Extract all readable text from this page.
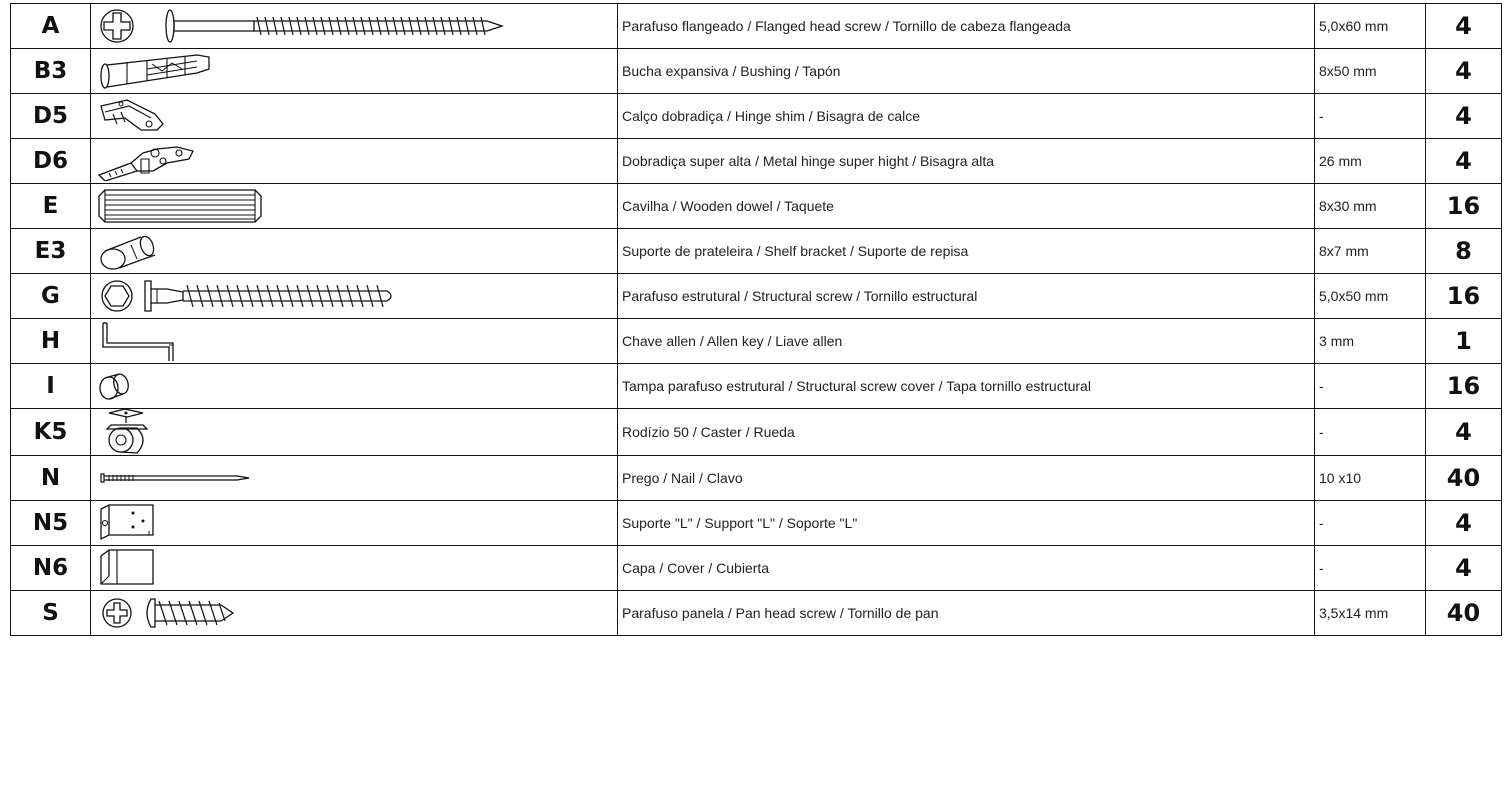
A		Parafuso flangeado / Flanged head screw / Tornillo de cabeza flangeada	5,0x60 mm	4
B3		Bucha expansiva / Bushing / Tapón	8x50 mm	4
D5		Calço dobradiça / Hinge shim / Bisagra de calce	-	4
D6		Dobradiça super alta / Metal hinge super hight / Bisagra alta	26 mm	4
E		Cavilha / Wooden dowel / Taquete	8x30 mm	16
E3		Suporte de prateleira / Shelf bracket / Suporte de repisa	8x7 mm	8
G		Parafuso estrutural / Structural screw / Tornillo estructural	5,0x50 mm	16
H		Chave allen / Allen key / Liave allen	3 mm	1
I		Tampa parafuso estrutural / Structural screw cover / Tapa tornillo estructural	-	16
K5		Rodízio 50 / Caster / Rueda	-	4
N		Prego / Nail / Clavo	10 x10	40
N5		Suporte "L" / Support "L" / Soporte "L"	-	4
N6		Capa / Cover / Cubierta	-	4
S		Parafuso panela / Pan head screw / Tornillo de pan	3,5x14 mm	40
